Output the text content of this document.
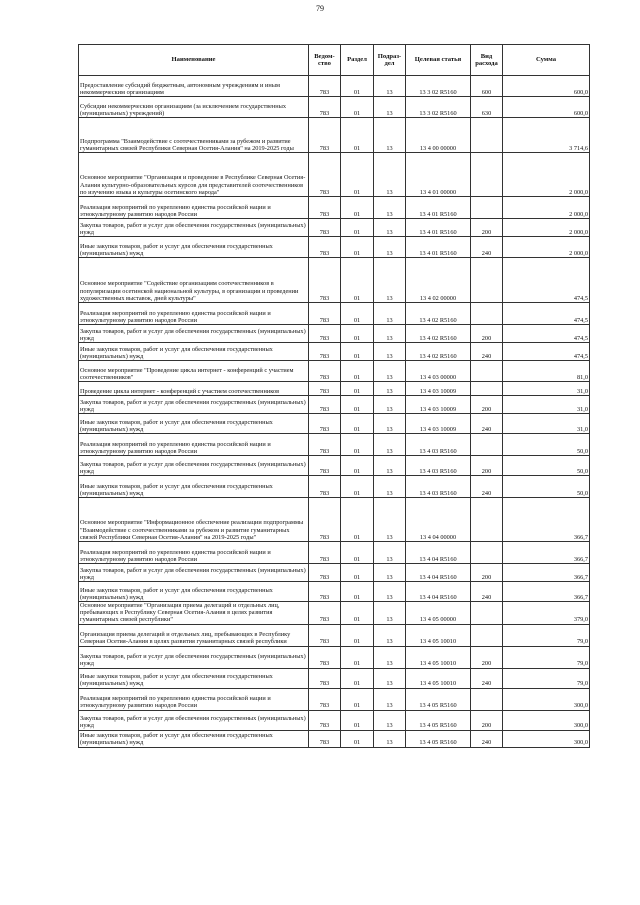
79
Наименование	Ведом-ство	Раздел	Подраз-дел	Целевая статья	Вид расхода	Сумма
Предоставление субсидий бюджетным, автономным учреждениям и иным некоммерческим организациям	783	01	13	13 3 02 R5160	600	600,0
Субсидии некоммерческим организациям (за исключением государственных (муниципальных) учреждений)	783	01	13	13 3 02 R5160	630	600,0
Подпрограмма "Взаимодействие с соотечественниками за рубежом и развитие гуманитарных связей Республики Северная Осетия-Алания" на 2019-2025 годы	783	01	13	13 4 00 00000		3 714,6
Основное мероприятие "Организация и проведение в Республике Северная Осетия-Алания культурно-образовательных курсов для представителей соотечественников по изучению языка и культуры осетинского народа"	783	01	13	13 4 01 00000		2 000,0
Реализация мероприятий по укреплению единства российской нации и этнокультурному развитию народов России	783	01	13	13 4 01 R5160		2 000,0
Закупка товаров, работ и услуг для обеспечения государственных (муниципальных) нужд	783	01	13	13 4 01 R5160	200	2 000,0
Иные закупки товаров, работ и услуг для обеспечения государственных (муниципальных) нужд	783	01	13	13 4 01 R5160	240	2 000,0
Основное мероприятие "Содействие организациям соотечественников в популяризации осетинской национальной культуры, в организации и проведении художественных выставок, дней культуры"	783	01	13	13 4 02 00000		474,5
Реализация мероприятий по укреплению единства российской нации и этнокультурному развитию народов России	783	01	13	13 4 02 R5160		474,5
Закупка товаров, работ и услуг для обеспечения государственных (муниципальных) нужд	783	01	13	13 4 02 R5160	200	474,5
Иные закупки товаров, работ и услуг для обеспечения государственных (муниципальных) нужд	783	01	13	13 4 02 R5160	240	474,5
Основное мероприятие "Проведение цикла интернет - конференций с участием соотечественников"	783	01	13	13 4 03 00000		81,0
Проведение цикла интернет - конференций с участием соотечественников	783	01	13	13 4 03 10009		31,0
Закупка товаров, работ и услуг для обеспечения государственных (муниципальных) нужд	783	01	13	13 4 03 10009	200	31,0
Иные закупки товаров, работ и услуг для обеспечения государственных (муниципальных) нужд	783	01	13	13 4 03 10009	240	31,0
Реализация мероприятий по укреплению единства российской нации и этнокультурному развитию народов России	783	01	13	13 4 03 R5160		50,0
Закупка товаров, работ и услуг для обеспечения государственных (муниципальных) нужд	783	01	13	13 4 03 R5160	200	50,0
Иные закупки товаров, работ и услуг для обеспечения государственных (муниципальных) нужд	783	01	13	13 4 03 R5160	240	50,0
Основное мероприятие "Информационное обеспечение реализации подпрограммы "Взаимодействие с соотечественниками за рубежом и развитие гуманитарных связей Республики Северная Осетия-Алания" на 2019-2025 годы"	783	01	13	13 4 04 00000		366,7
Реализация мероприятий по укреплению единства российской нации и этнокультурному развитию народов России	783	01	13	13 4 04 R5160		366,7
Закупка товаров, работ и услуг для обеспечения государственных (муниципальных) нужд	783	01	13	13 4 04 R5160	200	366,7
Иные закупки товаров, работ и услуг для обеспечения государственных (муниципальных) нужд	783	01	13	13 4 04 R5160	240	366,7
Основное мероприятие "Организация приема делегаций и отдельных лиц, пребывающих в Республику Северная Осетия-Алания в целях развития гуманитарных связей республики"	783	01	13	13 4 05 00000		379,0
Организация приема делегаций и отдельных лиц, пребывающих в Республику Северная Осетия-Алания в целях развития гуманитарных связей республики	783	01	13	13 4 05 10010		79,0
Закупка товаров, работ и услуг для обеспечения государственных (муниципальных) нужд	783	01	13	13 4 05 10010	200	79,0
Иные закупки товаров, работ и услуг для обеспечения государственных (муниципальных) нужд	783	01	13	13 4 05 10010	240	79,0
Реализация мероприятий по укреплению единства российской нации и этнокультурному развитию народов России	783	01	13	13 4 05 R5160		300,0
Закупка товаров, работ и услуг для обеспечения государственных (муниципальных) нужд	783	01	13	13 4 05 R5160	200	300,0
Иные закупки товаров, работ и услуг для обеспечения государственных (муниципальных) нужд	783	01	13	13 4 05 R5160	240	300,0
